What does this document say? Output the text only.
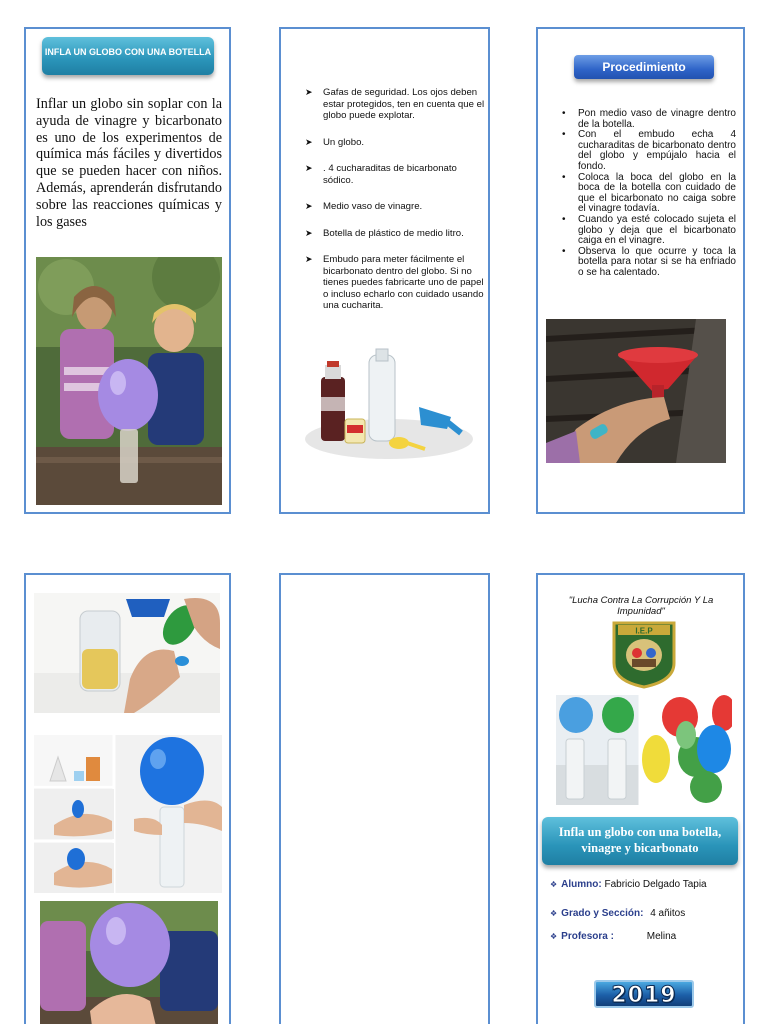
INFLA UN GLOBO CON UNA BOTELLA

Inflar un globo sin soplar con la ayuda de vinagre y bicarbonato es uno de los experimentos de química más fáciles y divertidos que se pueden hacer con niños. Además, aprenderán disfrutando sobre las reacciones químicas y los gases

➤ Gafas de seguridad. Los ojos deben estar protegidos, ten en cuenta que el globo puede explotar.
➤ Un globo.
➤ . 4 cucharaditas de bicarbonato sódico.
➤ Medio vaso de vinagre.
➤ Botella de plástico de medio litro.
➤ Embudo para meter fácilmente el bicarbonato dentro del globo. Si no tienes puedes fabricarte uno de papel o incluso echarlo con cuidado usando una cucharita.
Procedimiento
• Pon medio vaso de vinagre dentro de la botella.
• Con el embudo echa 4 cucharaditas de bicarbonato dentro del globo y empújalo hacia el fondo.
• Coloca la boca del globo en la boca de la botella con cuidado de que el bicarbonato no caiga sobre el vinagre todavía.
• Cuando ya esté colocado sujeta el globo y deja que el bicarbonato caiga en el vinagre.
• Observa lo que ocurre y toca la botella para notar si se ha enfriado o se ha calentado.
"Lucha Contra La Corrupción Y La Impunidad"
I.E.P
Infla un globo con una botella, vinagre y bicarbonato
❖ Alumno: Fabricio Delgado Tapia
❖ Grado y Sección: 4 añitos
❖ Profesora :	Melina
2019
